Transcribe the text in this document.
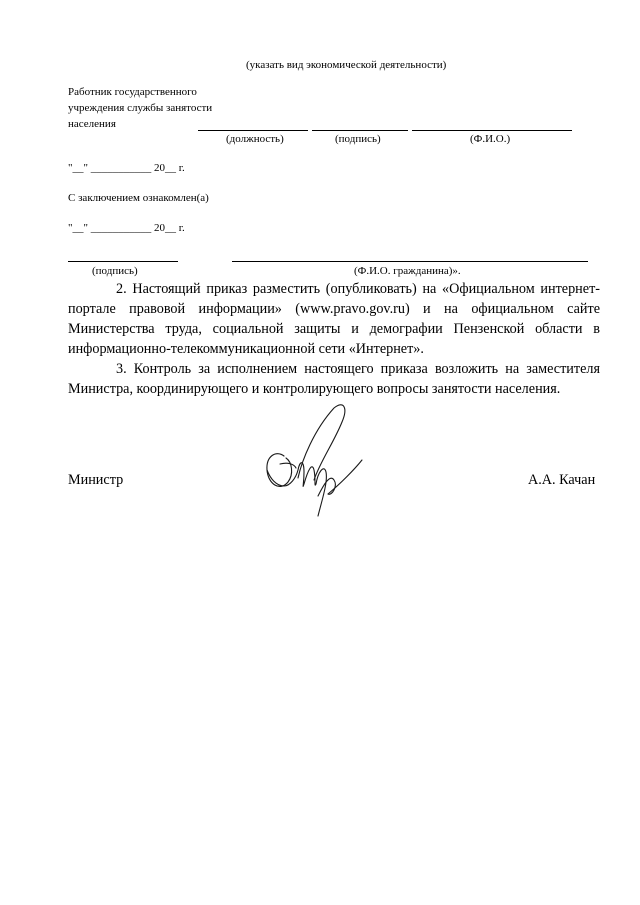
(указать вид экономической деятельности)
Работник государственного
учреждения службы занятости
населения
(должность)	(подпись)	(Ф.И.О.)
"__" ___________ 20__ г.
С заключением ознакомлен(а)
"__" ___________ 20__ г.
(подпись)	(Ф.И.О. гражданина)».

2. Настоящий приказ разместить (опубликовать) на «Официальном интернет-портале правовой информации» (www.pravo.gov.ru) и на официальном сайте Министерства труда, социальной защиты и демографии Пензенской области в информационно-телекоммуникационной сети «Интернет».

3. Контроль за исполнением настоящего приказа возложить на заместителя Министра, координирующего и контролирующего вопросы занятости населения.

Министр	А.А. Качан
